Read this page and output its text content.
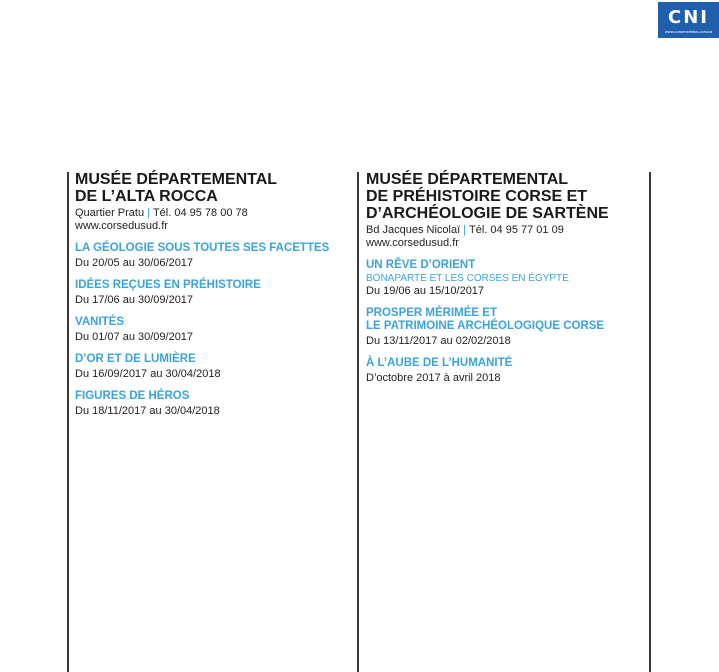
CNI
www.corsenetinfos.corsica
MUSÉE DÉPARTEMENTAL
DE L’ALTA ROCCA
Quartier Pratu | Tél. 04 95 78 00 78
www.corsedusud.fr
LA GÉOLOGIE SOUS TOUTES SES FACETTES
Du 20/05 au 30/06/2017
IDÉES REÇUES EN PRÉHISTOIRE
Du 17/06 au 30/09/2017
VANITÉS
Du 01/07 au 30/09/2017
D’OR ET DE LUMIÈRE
Du 16/09/2017 au 30/04/2018
FIGURES DE HÉROS
Du 18/11/2017 au 30/04/2018
MUSÉE DÉPARTEMENTAL
DE PRÉHISTOIRE CORSE ET
D’ARCHÉOLOGIE DE SARTÈNE
Bd Jacques Nicolaï | Tél. 04 95 77 01 09
www.corsedusud.fr
UN RÊVE D’ORIENT
BONAPARTE ET LES CORSES EN ÉGYPTE
Du 19/06 au 15/10/2017
PROSPER MÉRIMÉE ET
LE PATRIMOINE ARCHÉOLOGIQUE CORSE
Du 13/11/2017 au 02/02/2018
À L’AUBE DE L’HUMANITÉ
D’octobre 2017 à avril 2018
